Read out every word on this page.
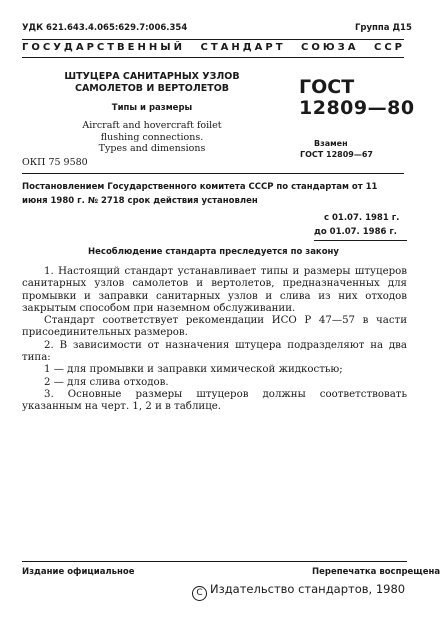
УДК 621.643.4.065:629.7:006.354	Группа Д15
ГОСУДАРСТВЕННЫЙ СТАНДАРТ СОЮЗА ССР
ШТУЦЕРА САНИТАРНЫХ УЗЛОВ
САМОЛЕТОВ И ВЕРТОЛЕТОВ
Типы и размеры
Aircraft and hovercraft foilet
flushing connections.
Types and dimensions
ОКП 75 9580
ГОСТ
12809—80
Взамен
ГОСТ 12809—67
Постановлением Государственного комитета СССР по стандартам от 11 июня 1980 г. № 2718 срок действия установлен
с 01.07. 1981 г.
до 01.07. 1986 г.
Несоблюдение стандарта преследуется по закону

1. Настоящий стандарт устанавливает типы и размеры штуцеров санитарных узлов самолетов и вертолетов, предназначенных для промывки и заправки санитарных узлов и слива из них отходов закрытым способом при наземном обслуживании.

Стандарт соответствует рекомендации ИСО Р 47—57 в части присоединительных размеров.

2. В зависимости от назначения штуцера подразделяют на два типа:

1 — для промывки и заправки химической жидкостью;

2 — для слива отходов.

3. Основные размеры штуцеров должны соответствовать указанным на черт. 1, 2 и в таблице.

Издание официальное	Перепечатка воспрещена
С Издательство стандартов, 1980
